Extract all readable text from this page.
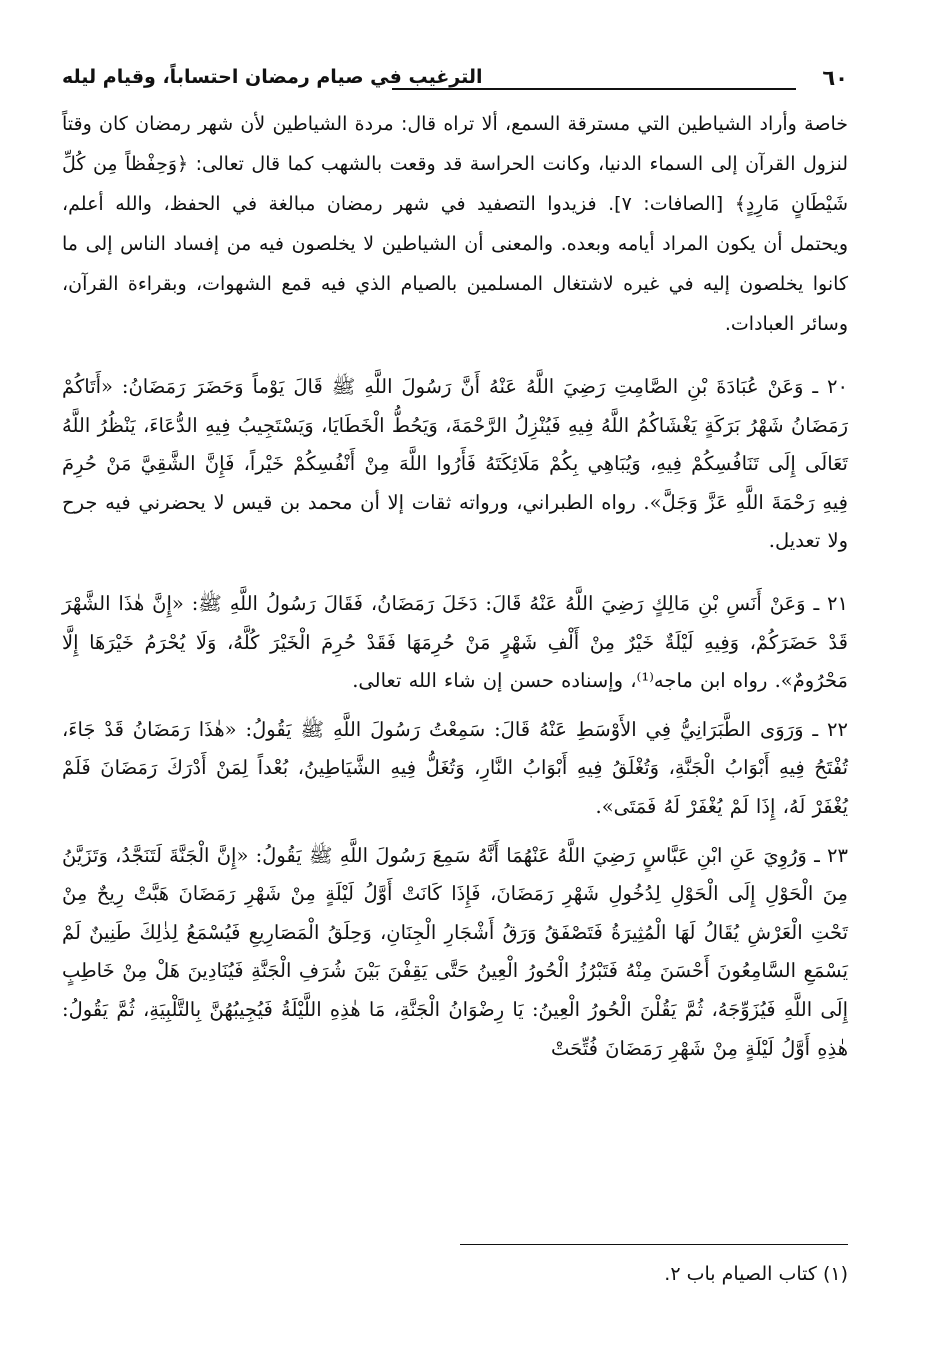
٦٠
الترغيب في صيام رمضان احتساباً، وقيام ليله

خاصة وأراد الشياطين التي مسترقة السمع، ألا تراه قال: مردة الشياطين لأن شهر رمضان كان وقتاً لنزول القرآن إلى السماء الدنيا، وكانت الحراسة قد وقعت بالشهب كما قال تعالى: ﴿وَحِفْظاً مِن كُلِّ شَيْطَانٍ مَارِدٍ﴾ [الصافات: ٧]. فزيدوا التصفيد في شهر رمضان مبالغة في الحفظ، والله أعلم، ويحتمل أن يكون المراد أيامه وبعده. والمعنى أن الشياطين لا يخلصون فيه من إفساد الناس إلى ما كانوا يخلصون إليه في غيره لاشتغال المسلمين بالصيام الذي فيه قمع الشهوات، وبقراءة القرآن، وسائر العبادات.

٢٠ ـ وَعَنْ عُبَادَةَ بْنِ الصَّامِتِ رَضِيَ اللَّهُ عَنْهُ أَنَّ رَسُولَ اللَّهِ ﷺ قَالَ يَوْماً وَحَضَرَ رَمَضَانُ: «أَتَاكُمْ رَمَضَانُ شَهْرُ بَرَكَةٍ يَغْشَاكُمُ اللَّهُ فِيهِ فَيُنْزِلُ الرَّحْمَةَ، وَيَحُطُّ الْخَطَايَا، وَيَسْتَجِيبُ فِيهِ الدُّعَاءَ، يَنْظُرُ اللَّهُ تَعَالَى إِلَى تَنَافُسِكُمْ فِيهِ، وَيُبَاهِي بِكُمْ مَلَائِكَتَهُ فَأَرُوا اللَّهَ مِنْ أَنْفُسِكُمْ خَيْراً، فَإِنَّ الشَّقِيَّ مَنْ حُرِمَ فِيهِ رَحْمَةَ اللَّهِ عَزَّ وَجَلَّ». رواه الطبراني، ورواته ثقات إلا أن محمد بن قيس لا يحضرني فيه جرح ولا تعديل.

٢١ ـ وَعَنْ أَنَسِ بْنِ مَالِكٍ رَضِيَ اللَّهُ عَنْهُ قَالَ: دَخَلَ رَمَضَانُ، فَقَالَ رَسُولُ اللَّهِ ﷺ: «إِنَّ هٰذَا الشَّهْرَ قَدْ حَضَرَكُمْ، وَفِيهِ لَيْلَةٌ خَيْرٌ مِنْ أَلْفِ شَهْرٍ مَنْ حُرِمَهَا فَقَدْ حُرِمَ الْخَيْرَ كُلَّهُ، وَلَا يُحْرَمُ خَيْرَهَا إِلَّا مَحْرُومٌ». رواه ابن ماجه⁽¹⁾، وإسناده حسن إن شاء الله تعالى.

٢٢ ـ وَرَوَى الطَّبَرَانِيُّ فِي الأَوْسَطِ عَنْهُ قَالَ: سَمِعْتُ رَسُولَ اللَّهِ ﷺ يَقُولُ: «هٰذَا رَمَضَانُ قَدْ جَاءَ، تُفْتَحُ فِيهِ أَبْوَابُ الْجَنَّةِ، وَتُغْلَقُ فِيهِ أَبْوَابُ النَّارِ، وَتُغَلُّ فِيهِ الشَّيَاطِينُ، بُعْداً لِمَنْ أَدْرَكَ رَمَضَانَ فَلَمْ يُغْفَرْ لَهُ، إِذَا لَمْ يُغْفَرْ لَهُ فَمَتَى».

٢٣ ـ وَرُوِيَ عَنِ ابْنِ عَبَّاسٍ رَضِيَ اللَّهُ عَنْهُمَا أَنَّهُ سَمِعَ رَسُولَ اللَّهِ ﷺ يَقُولُ: «إِنَّ الْجَنَّةَ لَتَنَجَّدُ، وَتَزَيَّنُ مِنَ الْحَوْلِ إِلَى الْحَوْلِ لِدُخُولِ شَهْرِ رَمَضَانَ، فَإِذَا كَانَتْ أَوَّلُ لَيْلَةٍ مِنْ شَهْرِ رَمَضَانَ هَبَّتْ رِيحٌ مِنْ تَحْتِ الْعَرْشِ يُقَالُ لَهَا الْمُثِيرَةُ فَتَصْفَقُ وَرَقُ أَشْجَارِ الْجِنَانِ، وَحِلَقُ الْمَصَارِيعِ فَيُسْمَعُ لِذٰلِكَ طَنِينٌ لَمْ يَسْمَعِ السَّامِعُونَ أَحْسَنَ مِنْهُ فَتَبْرُزُ الْحُورُ الْعِينُ حَتَّى يَقِفْنَ بَيْنَ شُرَفِ الْجَنَّةِ فَيُنَادِينَ هَلْ مِنْ خَاطِبٍ إِلَى اللَّهِ فَيُزَوِّجَهُ، ثُمَّ يَقُلْنَ الْحُورُ الْعِينُ: يَا رِضْوَانُ الْجَنَّةِ، مَا هٰذِهِ اللَّيْلَةُ فَيُجِيبُهُنَّ بِالتَّلْبِيَةِ، ثُمَّ يَقُولُ: هٰذِهِ أَوَّلُ لَيْلَةٍ مِنْ شَهْرِ رَمَضَانَ فُتِّحَتْ

(١) كتاب الصيام باب ٢.
